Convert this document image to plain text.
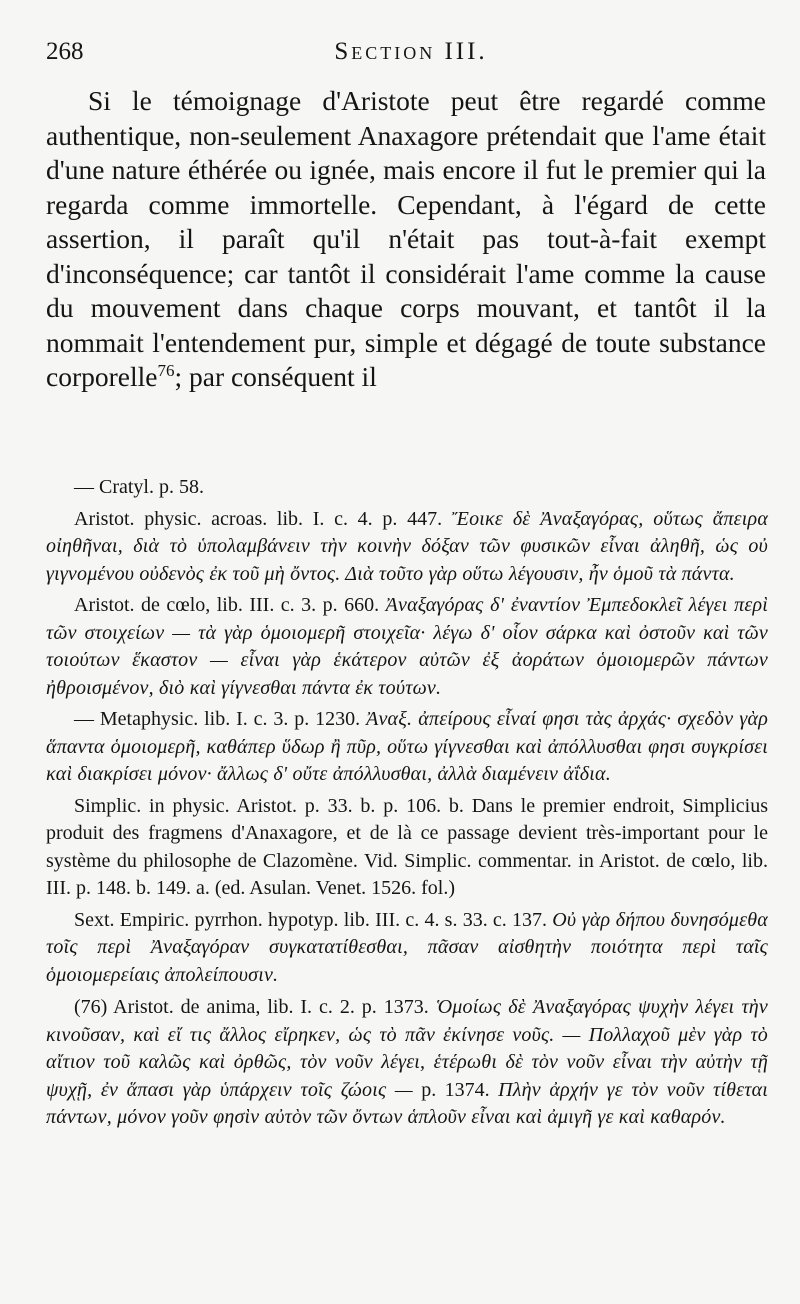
268	Section III.

Si le témoignage d'Aristote peut être regardé comme authentique, non-seulement Anaxagore prétendait que l'ame était d'une nature éthérée ou ignée, mais encore il fut le premier qui la regarda comme immortelle. Cependant, à l'égard de cette assertion, il paraît qu'il n'était pas tout-à-fait exempt d'inconséquence; car tantôt il considérait l'ame comme la cause du mouvement dans chaque corps mouvant, et tantôt il la nommait l'entendement pur, simple et dégagé de toute substance corporelle$^{76}$; par conséquent il

— Cratyl. p. 58.

Aristot. physic. acroas. lib. I. c. 4. p. 447. Ἔοικε δὲ Ἀναξαγόρας, οὕτως ἄπειρα οἰηθῆναι, διὰ τὸ ὑπολαμβάνειν τὴν κοινὴν δόξαν τῶν φυσικῶν εἶναι ἀληθῆ, ὡς οὐ γιγνομένου οὐδενὸς ἐκ τοῦ μὴ ὄντος. Διὰ τοῦτο γὰρ οὕτω λέγουσιν, ἦν ὁμοῦ τὰ πάντα.

Aristot. de cœlo, lib. III. c. 3. p. 660. Ἀναξαγόρας δ' ἐναντίον Ἐμπεδοκλεῖ λέγει περὶ τῶν στοιχείων — τὰ γὰρ ὁμοιομερῆ στοιχεῖα· λέγω δ' οἷον σάρκα καὶ ὀστοῦν καὶ τῶν τοιούτων ἕκαστον — εἶναι γὰρ ἑκάτερον αὐτῶν ἐξ ἀοράτων ὁμοιομερῶν πάντων ἠθροισμένον, διὸ καὶ γίγνεσθαι πάντα ἐκ τούτων.

— Metaphysic. lib. I. c. 3. p. 1230. Ἀναξ. ἀπείρους εἶναί φησι τὰς ἀρχάς· σχεδὸν γὰρ ἅπαντα ὁμοιομερῆ, καθάπερ ὕδωρ ἢ πῦρ, οὕτω γίγνεσθαι καὶ ἀπόλλυσθαι φησι συγκρίσει καὶ διακρίσει μόνον· ἄλλως δ' οὔτε ἀπόλλυσθαι, ἀλλὰ διαμένειν ἀΐδια.

Simplic. in physic. Aristot. p. 33. b. p. 106. b. Dans le premier endroit, Simplicius produit des fragmens d'Anaxagore, et de là ce passage devient très-important pour le système du philosophe de Clazomène. Vid. Simplic. commentar. in Aristot. de cœlo, lib. III. p. 148. b. 149. a. (ed. Asulan. Venet. 1526. fol.)

Sext. Empiric. pyrrhon. hypotyp. lib. III. c. 4. s. 33. c. 137. Οὐ γὰρ δήπου δυνησόμεθα τοῖς περὶ Ἀναξαγόραν συγκατατίθεσθαι, πᾶσαν αἰσθητὴν ποιότητα περὶ ταῖς ὁμοιομερείαις ἀπολείπουσιν.

(76) Aristot. de anima, lib. I. c. 2. p. 1373. Ὁμοίως δὲ Ἀναξαγόρας ψυχὴν λέγει τὴν κινοῦσαν, καὶ εἴ τις ἄλλος εἴρηκεν, ὡς τὸ πᾶν ἐκίνησε νοῦς. — Πολλαχοῦ μὲν γὰρ τὸ αἴτιον τοῦ καλῶς καὶ ὀρθῶς, τὸν νοῦν λέγει, ἑτέρωθι δὲ τὸν νοῦν εἶναι τὴν αὐτὴν τῇ ψυχῇ, ἐν ἅπασι γὰρ ὑπάρχειν τοῖς ζώοις — p. 1374. Πλὴν ἀρχήν γε τὸν νοῦν τίθεται πάντων, μόνον γοῦν φησὶν αὐτὸν τῶν ὄντων ἁπλοῦν εἶναι καὶ ἀμιγῆ γε καὶ καθαρόν.
